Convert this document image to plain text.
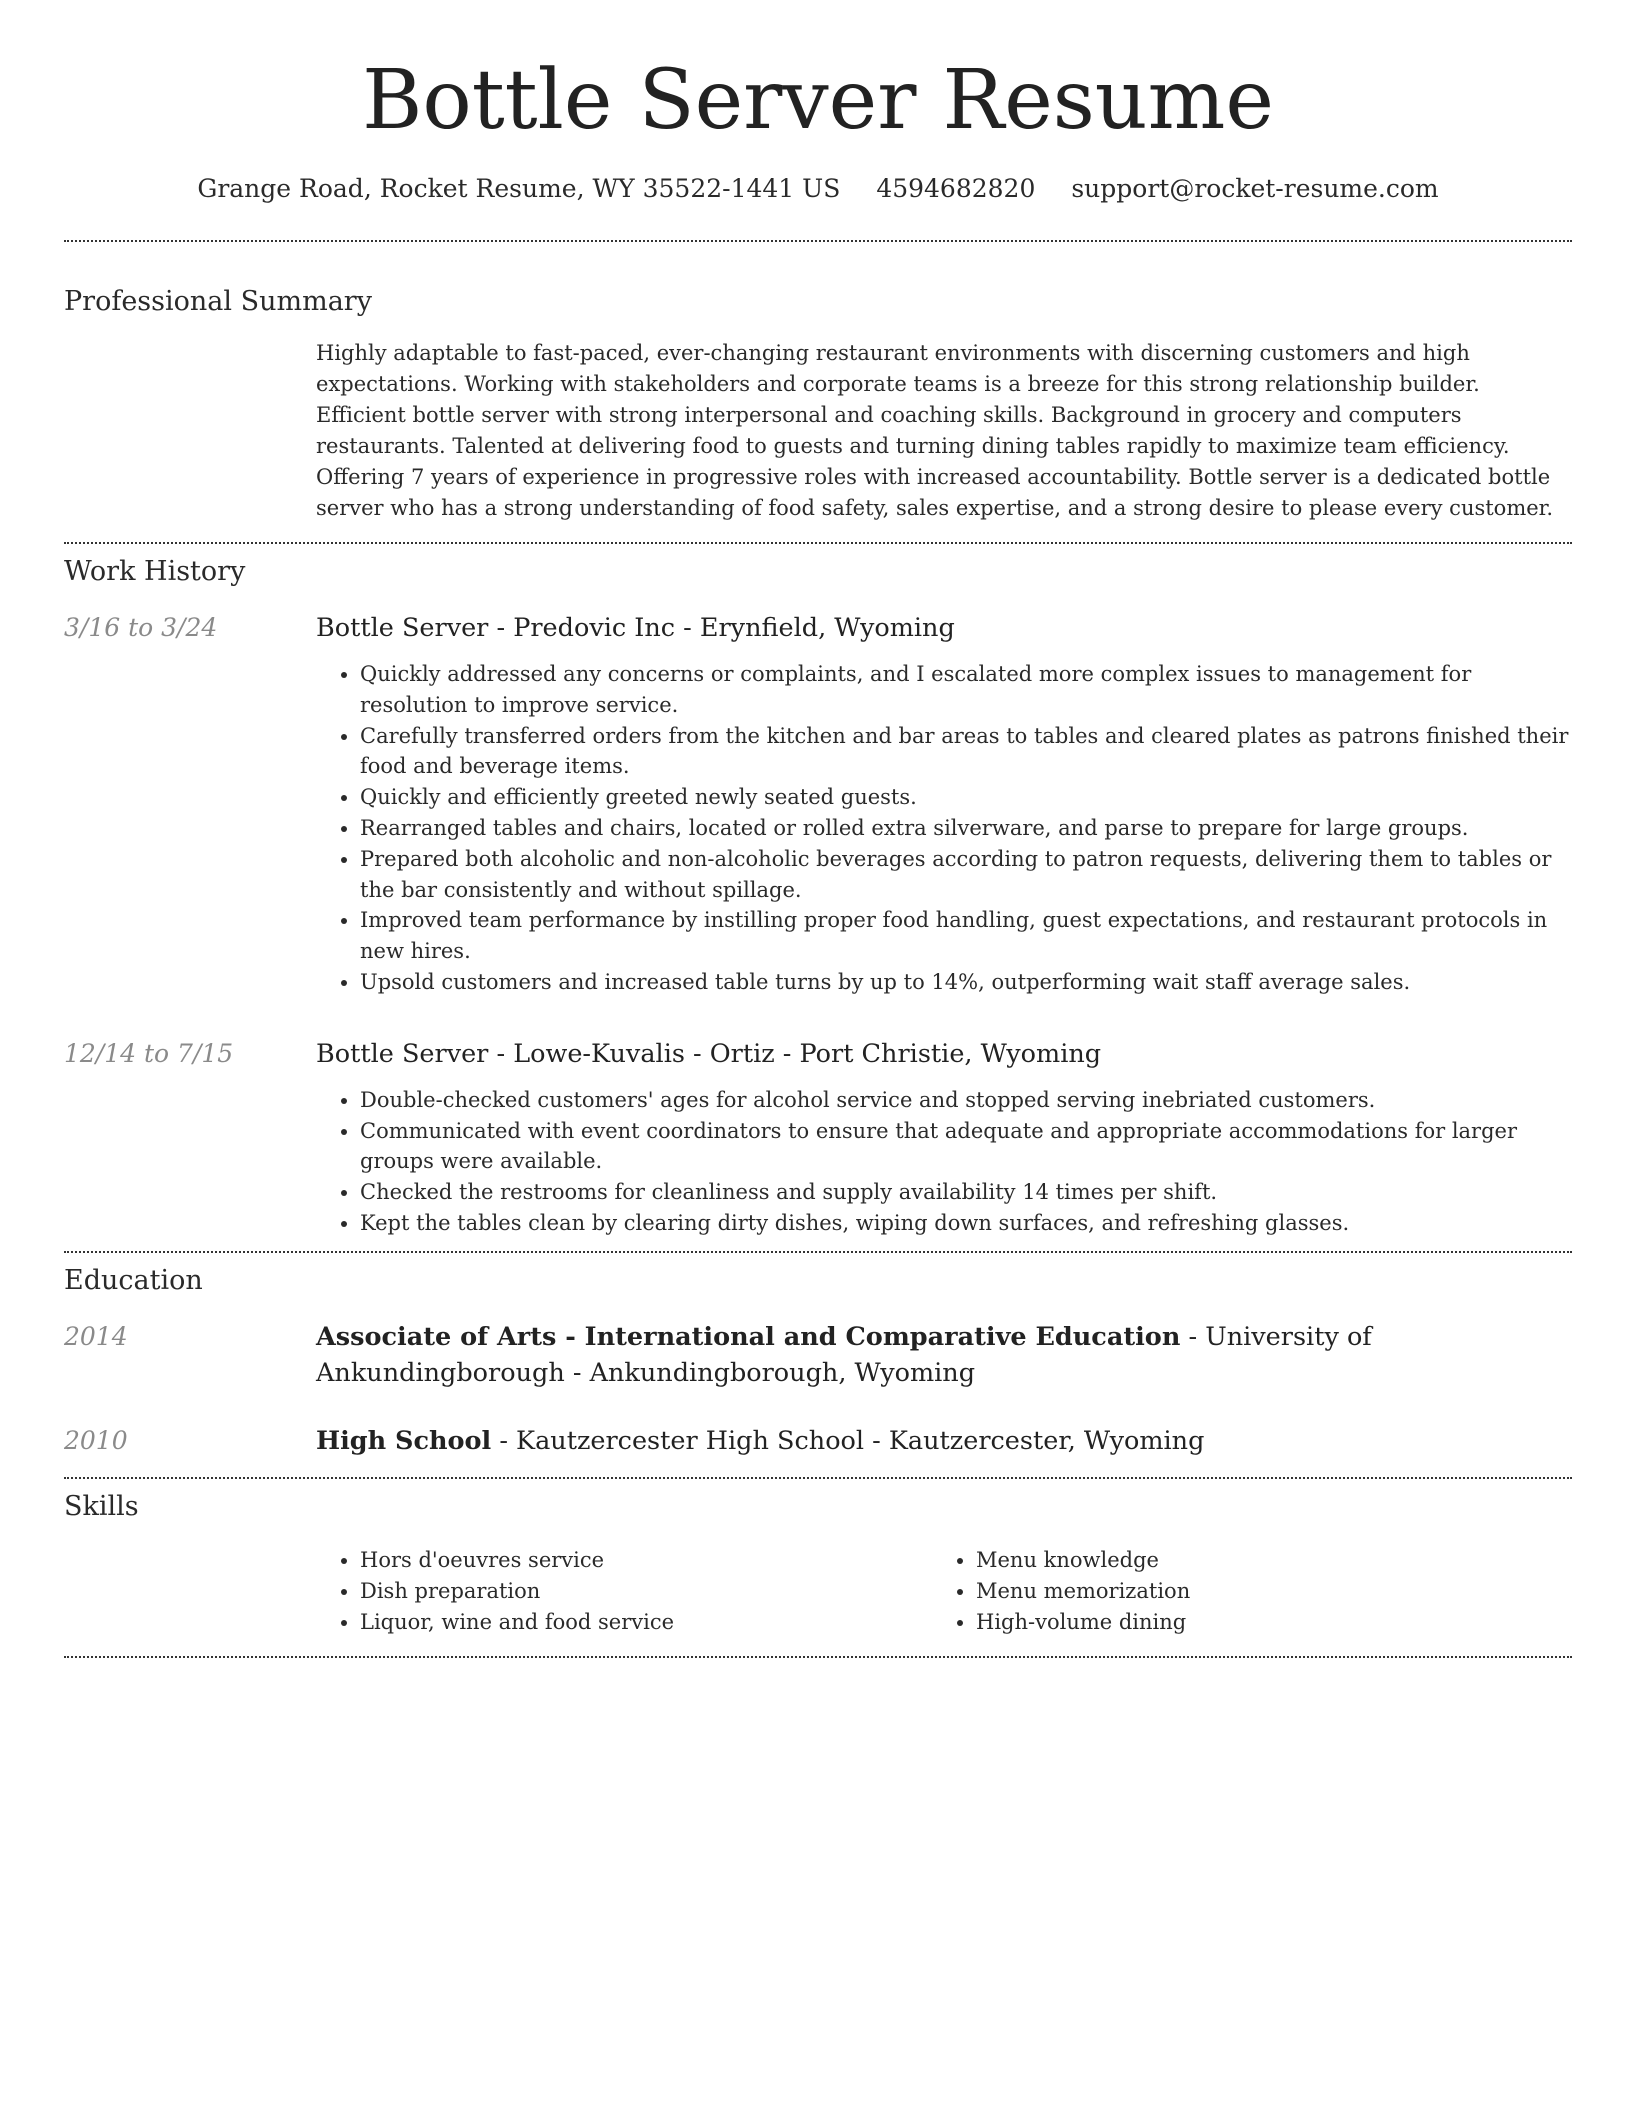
Bottle Server Resume
Grange Road, Rocket Resume, WY 35522-1441 US 4594682820 support@rocket-resume.com
Professional Summary
Highly adaptable to fast-paced, ever-changing restaurant environments with discerning customers and high expectations. Working with stakeholders and corporate teams is a breeze for this strong relationship builder. Efficient bottle server with strong interpersonal and coaching skills. Background in grocery and computers restaurants. Talented at delivering food to guests and turning dining tables rapidly to maximize team efficiency. Offering 7 years of experience in progressive roles with increased accountability. Bottle server is a dedicated bottle server who has a strong understanding of food safety, sales expertise, and a strong desire to please every customer.
Work History
3/16 to 3/24	Bottle Server - Predovic Inc - Erynfield, Wyoming
• Quickly addressed any concerns or complaints, and I escalated more complex issues to management for resolution to improve service.
• Carefully transferred orders from the kitchen and bar areas to tables and cleared plates as patrons finished their food and beverage items.
• Quickly and efficiently greeted newly seated guests.
• Rearranged tables and chairs, located or rolled extra silverware, and parse to prepare for large groups.
• Prepared both alcoholic and non-alcoholic beverages according to patron requests, delivering them to tables or the bar consistently and without spillage.
• Improved team performance by instilling proper food handling, guest expectations, and restaurant protocols in new hires.
• Upsold customers and increased table turns by up to 14%, outperforming wait staff average sales.
12/14 to 7/15	Bottle Server - Lowe-Kuvalis - Ortiz - Port Christie, Wyoming
• Double-checked customers' ages for alcohol service and stopped serving inebriated customers.
• Communicated with event coordinators to ensure that adequate and appropriate accommodations for larger groups were available.
• Checked the restrooms for cleanliness and supply availability 14 times per shift.
• Kept the tables clean by clearing dirty dishes, wiping down surfaces, and refreshing glasses.
Education
2014	Associate of Arts - International and Comparative Education - University of Ankundingborough - Ankundingborough, Wyoming
2010	High School - Kautzercester High School - Kautzercester, Wyoming
Skills
• Hors d'oeuvres service
• Dish preparation
• Liquor, wine and food service
• Menu knowledge
• Menu memorization
• High-volume dining
